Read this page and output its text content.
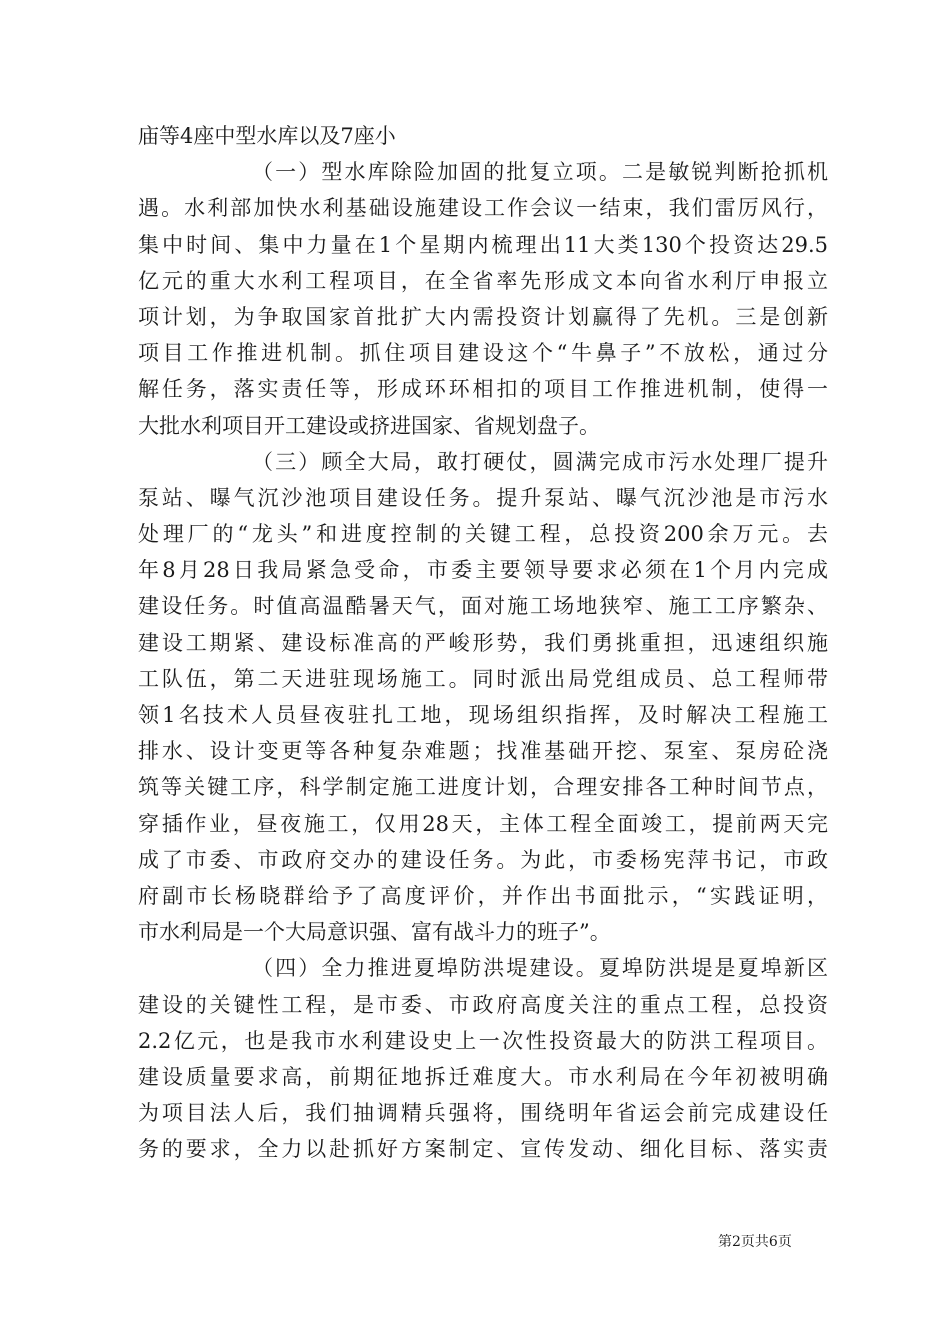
庙等4座中型水库以及7座小
（一）型水库除险加固的批复立项。二是敏锐判断抢抓机
遇。水利部加快水利基础设施建设工作会议一结束，我们雷厉风行，
集中时间、集中力量在1个星期内梳理出11大类130个投资达29.5
亿元的重大水利工程项目，在全省率先形成文本向省水利厅申报立
项计划，为争取国家首批扩大内需投资计划赢得了先机。三是创新
项目工作推进机制。抓住项目建设这个“牛鼻子”不放松，通过分
解任务，落实责任等，形成环环相扣的项目工作推进机制，使得一
大批水利项目开工建设或挤进国家、省规划盘子。
（三）顾全大局，敢打硬仗，圆满完成市污水处理厂提升
泵站、曝气沉沙池项目建设任务。提升泵站、曝气沉沙池是市污水
处理厂的“龙头”和进度控制的关键工程，总投资200余万元。去
年8月28日我局紧急受命，市委主要领导要求必须在1个月内完成
建设任务。时值高温酷暑天气，面对施工场地狭窄、施工工序繁杂、
建设工期紧、建设标准高的严峻形势，我们勇挑重担，迅速组织施
工队伍，第二天进驻现场施工。同时派出局党组成员、总工程师带
领1名技术人员昼夜驻扎工地，现场组织指挥，及时解决工程施工
排水、设计变更等各种复杂难题；找准基础开挖、泵室、泵房砼浇
筑等关键工序，科学制定施工进度计划，合理安排各工种时间节点，
穿插作业，昼夜施工，仅用28天，主体工程全面竣工，提前两天完
成了市委、市政府交办的建设任务。为此，市委杨宪萍书记，市政
府副市长杨晓群给予了高度评价，并作出书面批示，“实践证明，
市水利局是一个大局意识强、富有战斗力的班子”。
（四）全力推进夏埠防洪堤建设。夏埠防洪堤是夏埠新区
建设的关键性工程，是市委、市政府高度关注的重点工程，总投资
2.2亿元，也是我市水利建设史上一次性投资最大的防洪工程项目。
建设质量要求高，前期征地拆迁难度大。市水利局在今年初被明确
为项目法人后，我们抽调精兵强将，围绕明年省运会前完成建设任
务的要求，全力以赴抓好方案制定、宣传发动、细化目标、落实责
第2页共6页
